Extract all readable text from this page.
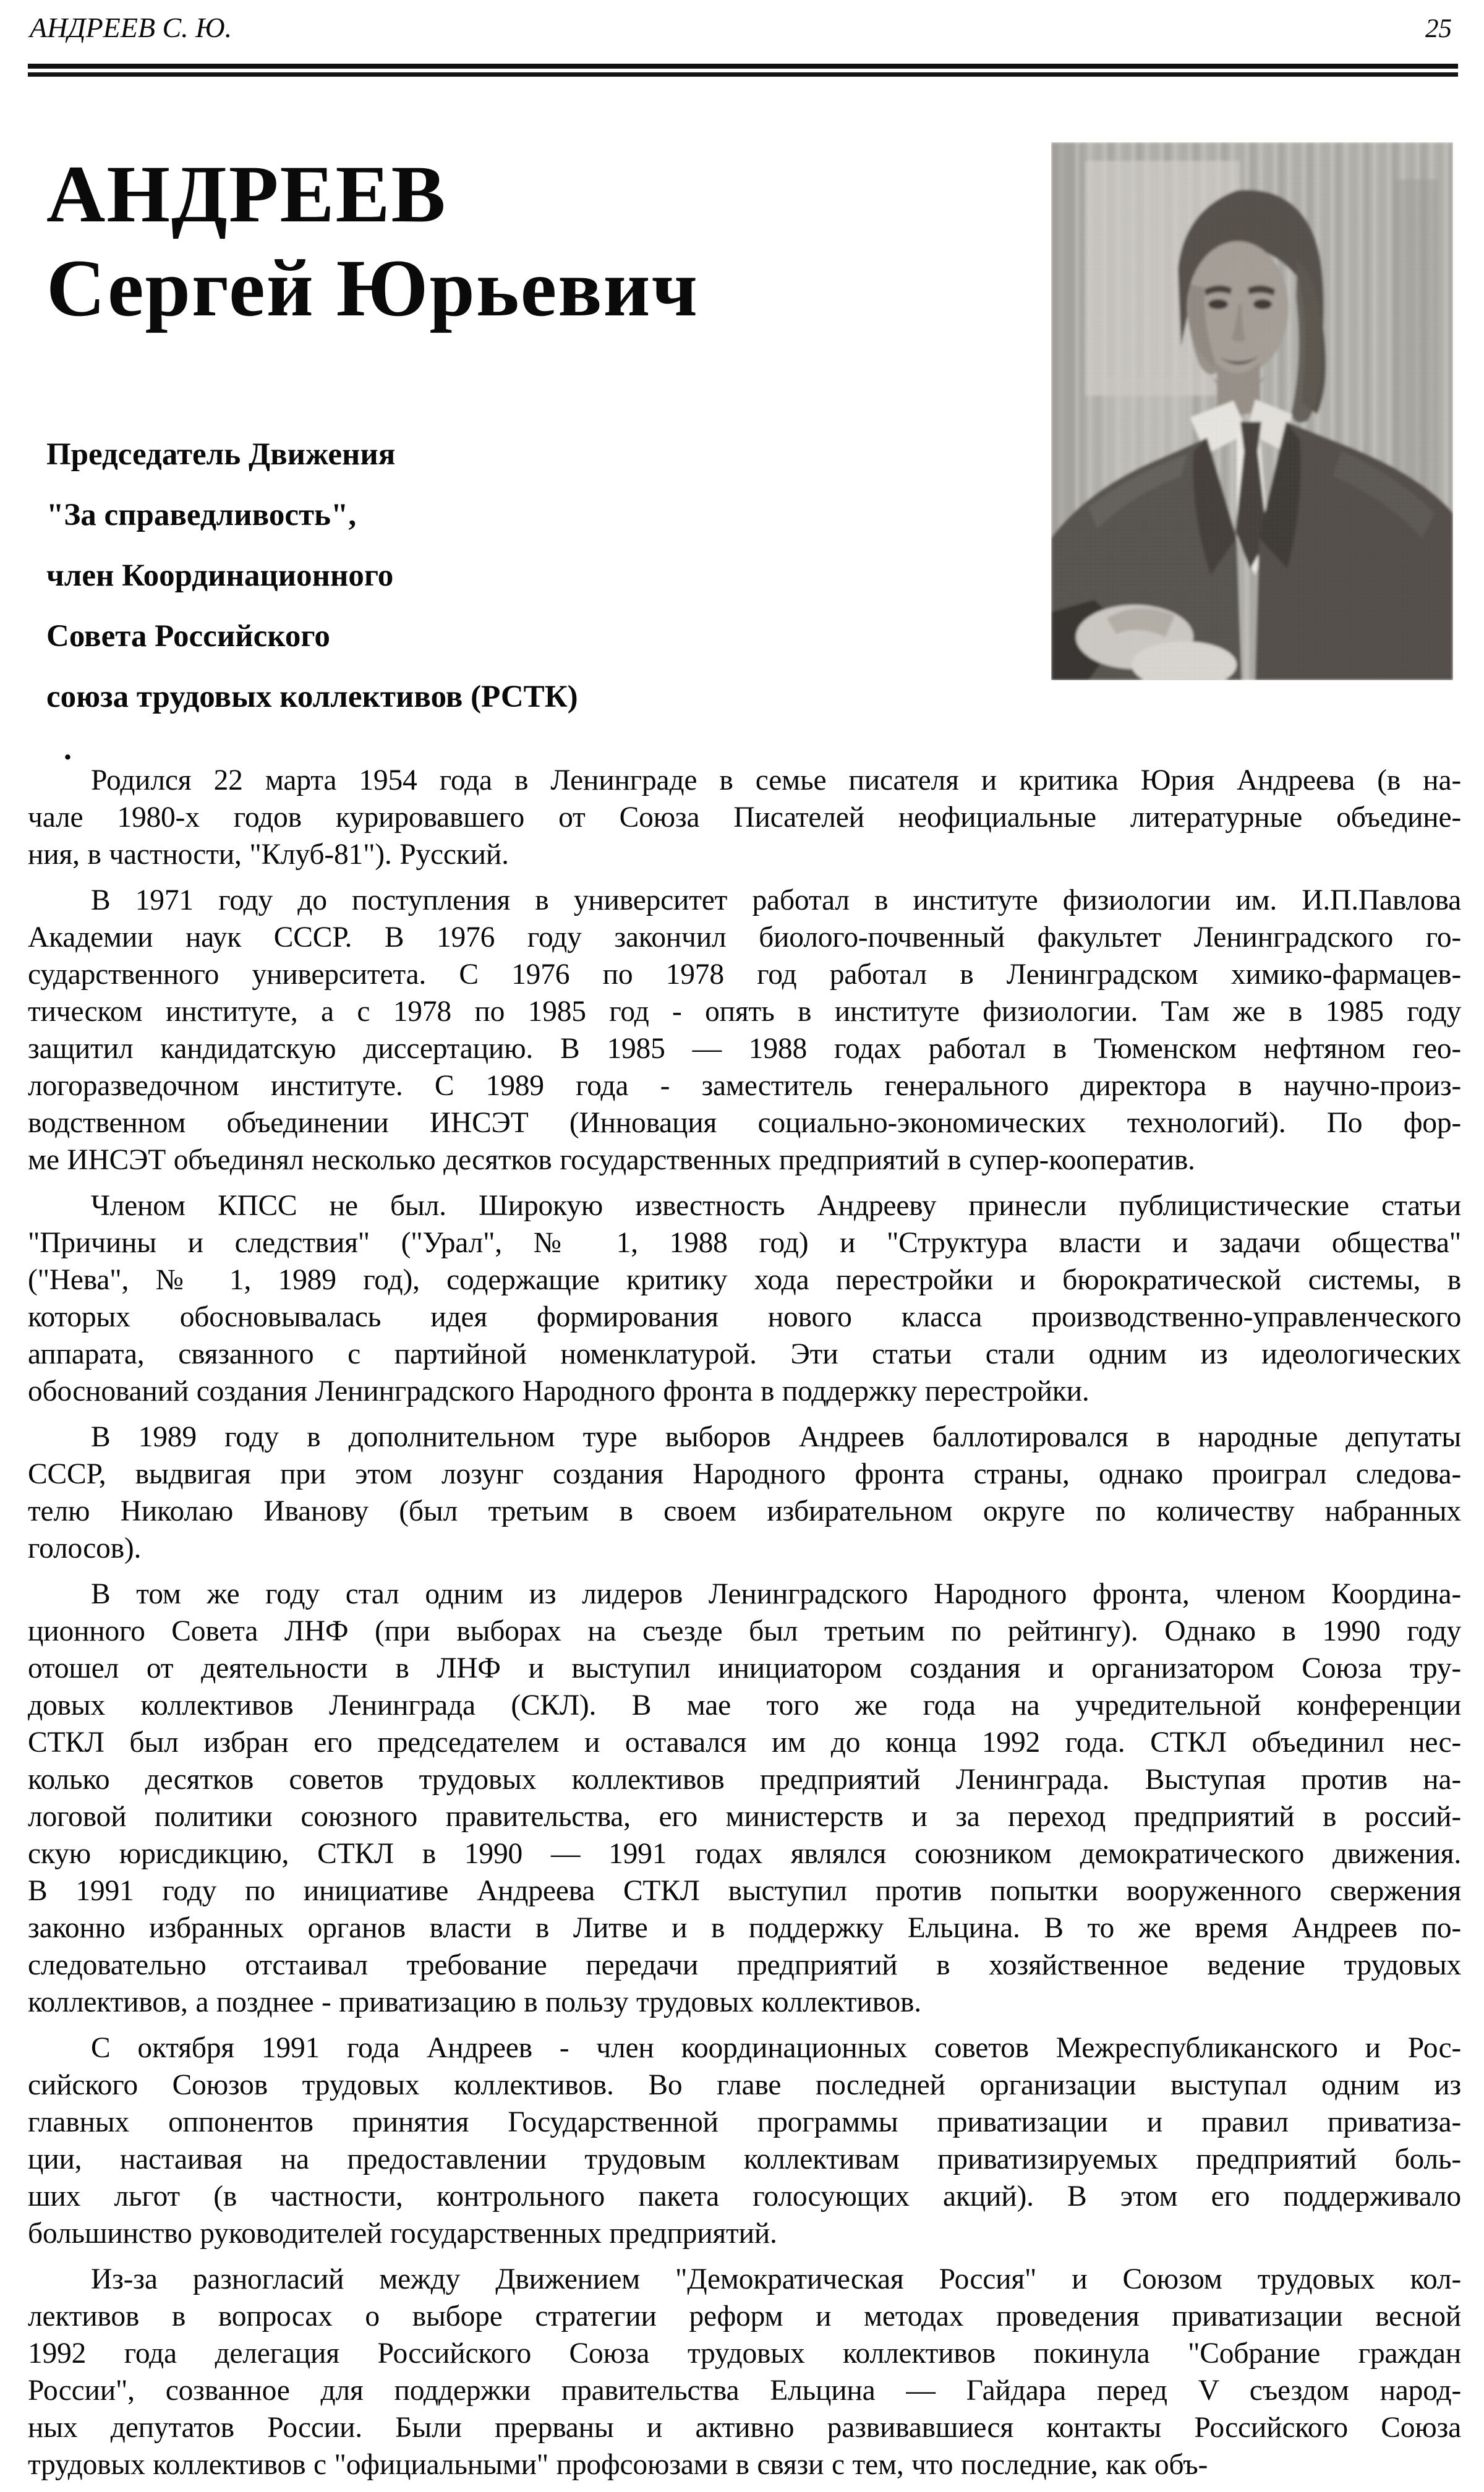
АНДРЕЕВ С. Ю.	25
АНДРЕЕВ
Сергей Юрьевич
Председатель Движения
"За справедливость",
член Координационного
Совета Российского
союза трудовых коллективов (РСТК)
.
Родился 22 марта 1954 года в Ленинграде в семье писателя и критика Юрия Андреева (в на-
чале 1980-х годов курировавшего от Союза Писателей неофициальные литературные объедине-
ния, в частности, "Клуб-81"). Русский.
В 1971 году до поступления в университет работал в институте физиологии им. И.П.Павлова
Академии наук СССР. В 1976 году закончил биолого-почвенный факультет Ленинградского го-
сударственного университета. С 1976 по 1978 год работал в Ленинградском химико-фармацев-
тическом институте, а с 1978 по 1985 год - опять в институте физиологии. Там же в 1985 году
защитил кандидатскую диссертацию. В 1985 — 1988 годах работал в Тюменском нефтяном гео-
логоразведочном институте. С 1989 года - заместитель генерального директора в научно-произ-
водственном объединении ИНСЭТ (Инновация социально-экономических технологий). По фор-
ме ИНСЭТ объединял несколько десятков государственных предприятий в супер-кооператив.
Членом КПСС не был. Широкую известность Андрееву принесли публицистические статьи
"Причины и следствия" ("Урал", № 1, 1988 год) и "Структура власти и задачи общества"
("Нева", № 1, 1989 год), содержащие критику хода перестройки и бюрократической системы, в
которых обосновывалась идея формирования нового класса производственно-управленческого
аппарата, связанного с партийной номенклатурой. Эти статьи стали одним из идеологических
обоснований создания Ленинградского Народного фронта в поддержку перестройки.
В 1989 году в дополнительном туре выборов Андреев баллотировался в народные депутаты
СССР, выдвигая при этом лозунг создания Народного фронта страны, однако проиграл следова-
телю Николаю Иванову (был третьим в своем избирательном округе по количеству набранных
голосов).
В том же году стал одним из лидеров Ленинградского Народного фронта, членом Координа-
ционного Совета ЛНФ (при выборах на съезде был третьим по рейтингу). Однако в 1990 году
отошел от деятельности в ЛНФ и выступил инициатором создания и организатором Союза тру-
довых коллективов Ленинграда (СКЛ). В мае того же года на учредительной конференции
СТКЛ был избран его председателем и оставался им до конца 1992 года. СТКЛ объединил нес-
колько десятков советов трудовых коллективов предприятий Ленинграда. Выступая против на-
логовой политики союзного правительства, его министерств и за переход предприятий в россий-
скую юрисдикцию, СТКЛ в 1990 — 1991 годах являлся союзником демократического движения.
В 1991 году по инициативе Андреева СТКЛ выступил против попытки вооруженного свержения
законно избранных органов власти в Литве и в поддержку Ельцина. В то же время Андреев по-
следовательно отстаивал требование передачи предприятий в хозяйственное ведение трудовых
коллективов, а позднее - приватизацию в пользу трудовых коллективов.
С октября 1991 года Андреев - член координационных советов Межреспубликанского и Рос-
сийского Союзов трудовых коллективов. Во главе последней организации выступал одним из
главных оппонентов принятия Государственной программы приватизации и правил приватиза-
ции, настаивая на предоставлении трудовым коллективам приватизируемых предприятий боль-
ших льгот (в частности, контрольного пакета голосующих акций). В этом его поддерживало
большинство руководителей государственных предприятий.
Из-за разногласий между Движением "Демократическая Россия" и Союзом трудовых кол-
лективов в вопросах о выборе стратегии реформ и методах проведения приватизации весной
1992 года делегация Российского Союза трудовых коллективов покинула "Собрание граждан
России", созванное для поддержки правительства Ельцина — Гайдара перед V съездом народ-
ных депутатов России. Были прерваны и активно развивавшиеся контакты Российского Союза
трудовых коллективов с "официальными" профсоюзами в связи с тем, что последние, как объ-
